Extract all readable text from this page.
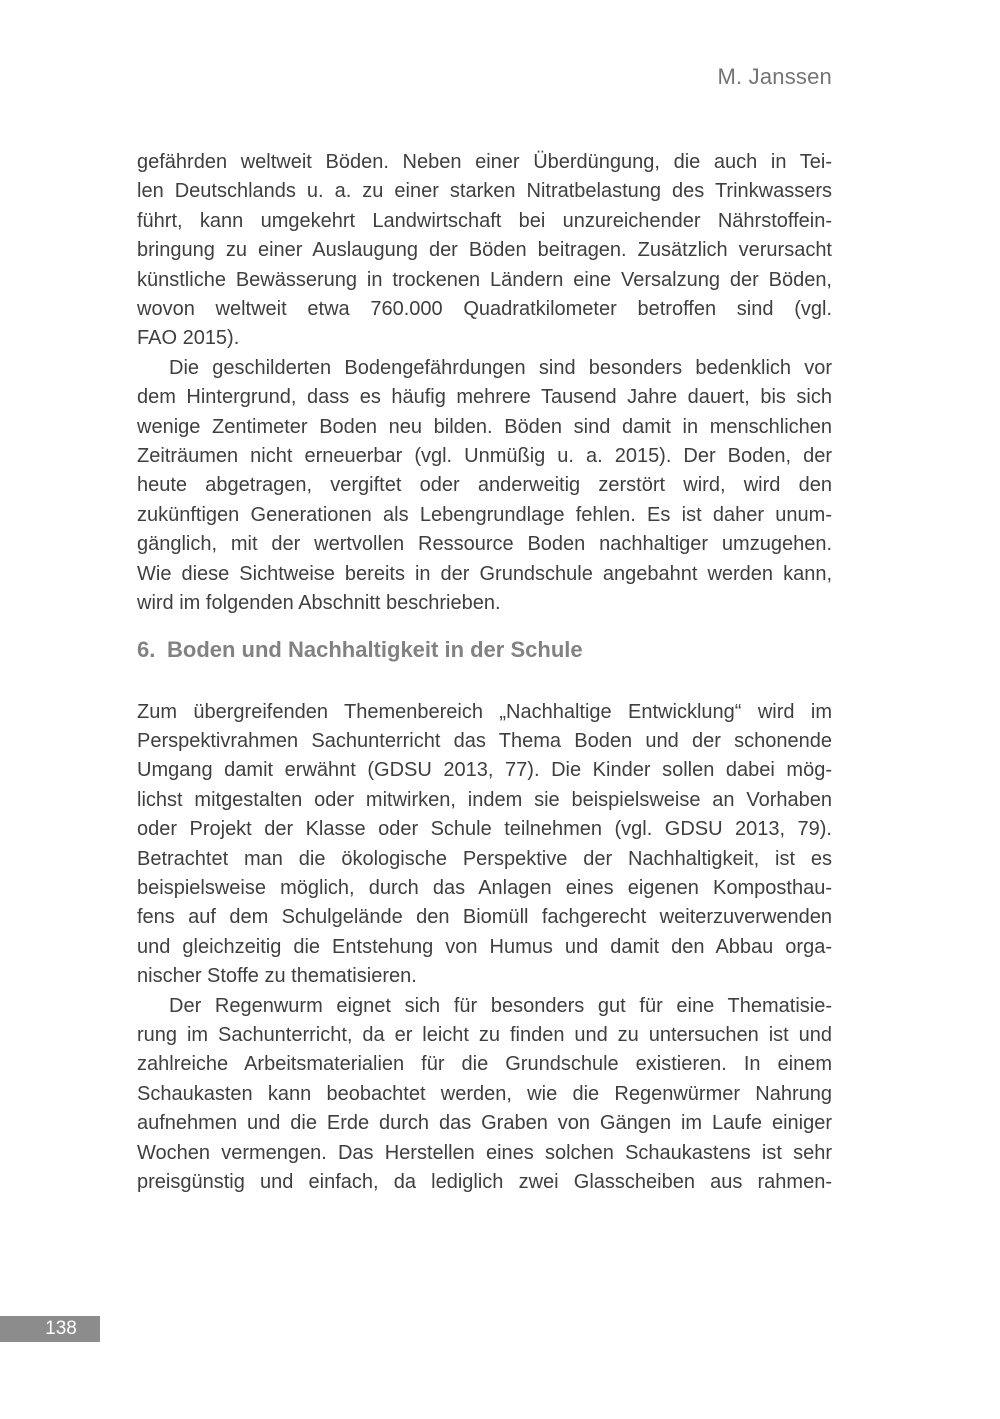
M. Janssen
gefährden weltweit Böden. Neben einer Überdüngung, die auch in Tei-
len Deutschlands u. a. zu einer starken Nitratbelastung des Trinkwassers
führt, kann umgekehrt Landwirtschaft bei unzureichender Nährstoffein-
bringung zu einer Auslaugung der Böden beitragen. Zusätzlich verursacht
künstliche Bewässerung in trockenen Ländern eine Versalzung der Böden,
wovon weltweit etwa 760.000 Quadratkilometer betroffen sind (vgl.
FAO 2015).
Die geschilderten Bodengefährdungen sind besonders bedenklich vor
dem Hintergrund, dass es häufig mehrere Tausend Jahre dauert, bis sich
wenige Zentimeter Boden neu bilden. Böden sind damit in menschlichen
Zeiträumen nicht erneuerbar (vgl. Unmüßig u. a. 2015). Der Boden, der
heute abgetragen, vergiftet oder anderweitig zerstört wird, wird den
zukünftigen Generationen als Lebengrundlage fehlen. Es ist daher unum-
gänglich, mit der wertvollen Ressource Boden nachhaltiger umzugehen.
Wie diese Sichtweise bereits in der Grundschule angebahnt werden kann,
wird im folgenden Abschnitt beschrieben.
6. Boden und Nachhaltigkeit in der Schule
Zum übergreifenden Themenbereich „Nachhaltige Entwicklung“ wird im
Perspektivrahmen Sachunterricht das Thema Boden und der schonende
Umgang damit erwähnt (GDSU 2013, 77). Die Kinder sollen dabei mög-
lichst mitgestalten oder mitwirken, indem sie beispielsweise an Vorhaben
oder Projekt der Klasse oder Schule teilnehmen (vgl. GDSU 2013, 79).
Betrachtet man die ökologische Perspektive der Nachhaltigkeit, ist es
beispielsweise möglich, durch das Anlagen eines eigenen Komposthau-
fens auf dem Schulgelände den Biomüll fachgerecht weiterzuverwenden
und gleichzeitig die Entstehung von Humus und damit den Abbau orga-
nischer Stoffe zu thematisieren.
Der Regenwurm eignet sich für besonders gut für eine Thematisie-
rung im Sachunterricht, da er leicht zu finden und zu untersuchen ist und
zahlreiche Arbeitsmaterialien für die Grundschule existieren. In einem
Schaukasten kann beobachtet werden, wie die Regenwürmer Nahrung
aufnehmen und die Erde durch das Graben von Gängen im Laufe einiger
Wochen vermengen. Das Herstellen eines solchen Schaukastens ist sehr
preisgünstig und einfach, da lediglich zwei Glasscheiben aus rahmen-
138
